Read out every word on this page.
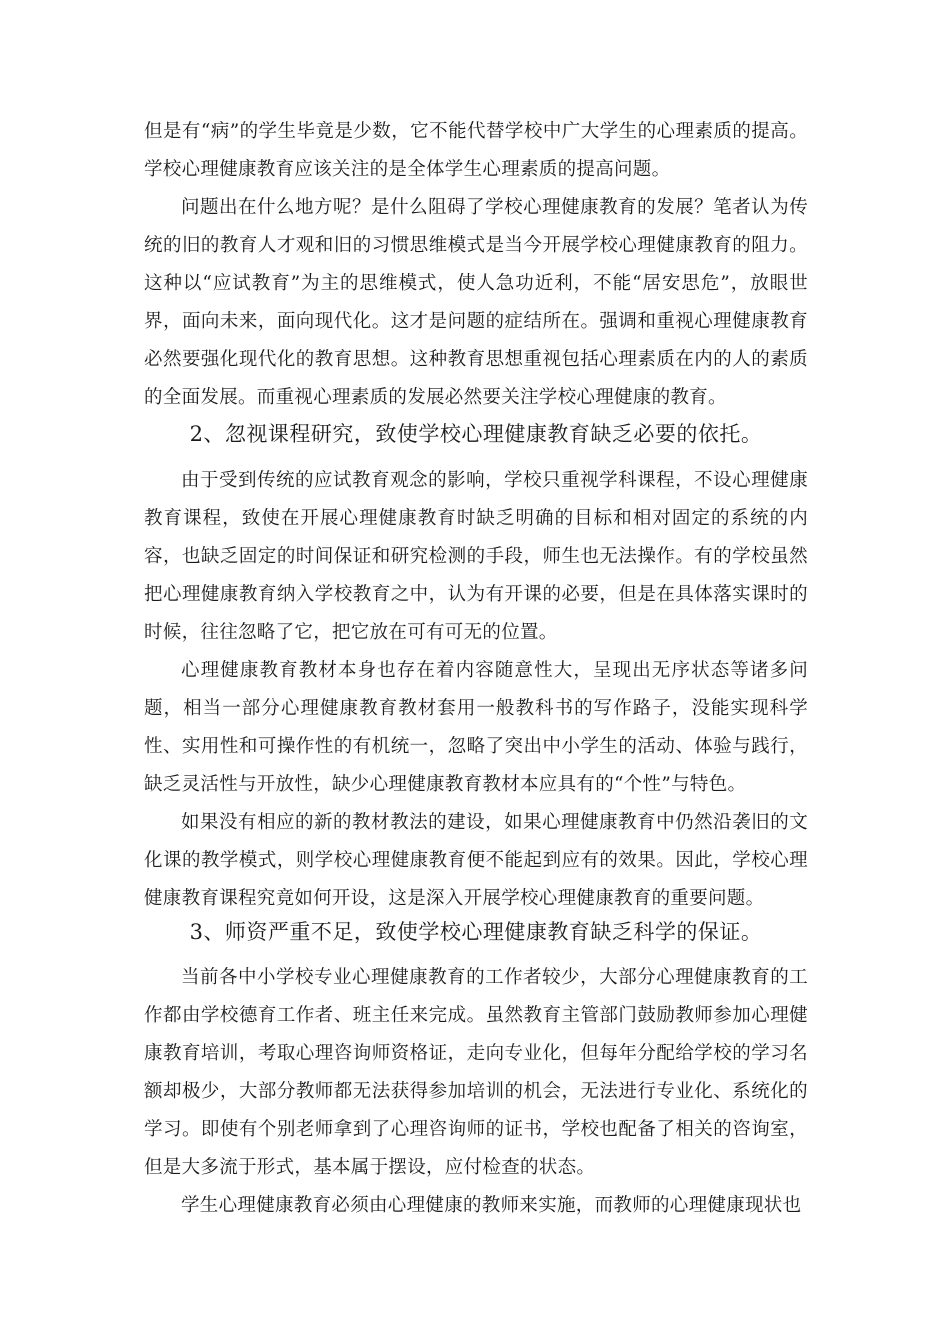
但是有“病”的学生毕竟是少数，它不能代替学校中广大学生的心理素质的提高。学校心理健康教育应该关注的是全体学生心理素质的提高问题。

问题出在什么地方呢？是什么阻碍了学校心理健康教育的发展？笔者认为传统的旧的教育人才观和旧的习惯思维模式是当今开展学校心理健康教育的阻力。这种以“应试教育”为主的思维模式，使人急功近利，不能“居安思危”，放眼世界，面向未来，面向现代化。这才是问题的症结所在。强调和重视心理健康教育必然要强化现代化的教育思想。这种教育思想重视包括心理素质在内的人的素质的全面发展。而重视心理素质的发展必然要关注学校心理健康的教育。

2、忽视课程研究，致使学校心理健康教育缺乏必要的依托。

由于受到传统的应试教育观念的影响，学校只重视学科课程，不设心理健康教育课程，致使在开展心理健康教育时缺乏明确的目标和相对固定的系统的内容，也缺乏固定的时间保证和研究检测的手段，师生也无法操作。有的学校虽然把心理健康教育纳入学校教育之中，认为有开课的必要，但是在具体落实课时的时候，往往忽略了它，把它放在可有可无的位置。

心理健康教育教材本身也存在着内容随意性大，呈现出无序状态等诸多问题，相当一部分心理健康教育教材套用一般教科书的写作路子，没能实现科学性、实用性和可操作性的有机统一，忽略了突出中小学生的活动、体验与践行，缺乏灵活性与开放性，缺少心理健康教育教材本应具有的“个性”与特色。

如果没有相应的新的教材教法的建设，如果心理健康教育中仍然沿袭旧的文化课的教学模式，则学校心理健康教育便不能起到应有的效果。因此，学校心理健康教育课程究竟如何开设，这是深入开展学校心理健康教育的重要问题。

3、师资严重不足，致使学校心理健康教育缺乏科学的保证。

当前各中小学校专业心理健康教育的工作者较少，大部分心理健康教育的工作都由学校德育工作者、班主任来完成。虽然教育主管部门鼓励教师参加心理健康教育培训，考取心理咨询师资格证，走向专业化，但每年分配给学校的学习名额却极少，大部分教师都无法获得参加培训的机会，无法进行专业化、系统化的学习。即使有个别老师拿到了心理咨询师的证书，学校也配备了相关的咨询室，但是大多流于形式，基本属于摆设，应付检查的状态。

学生心理健康教育必须由心理健康的教师来实施，而教师的心理健康现状也
